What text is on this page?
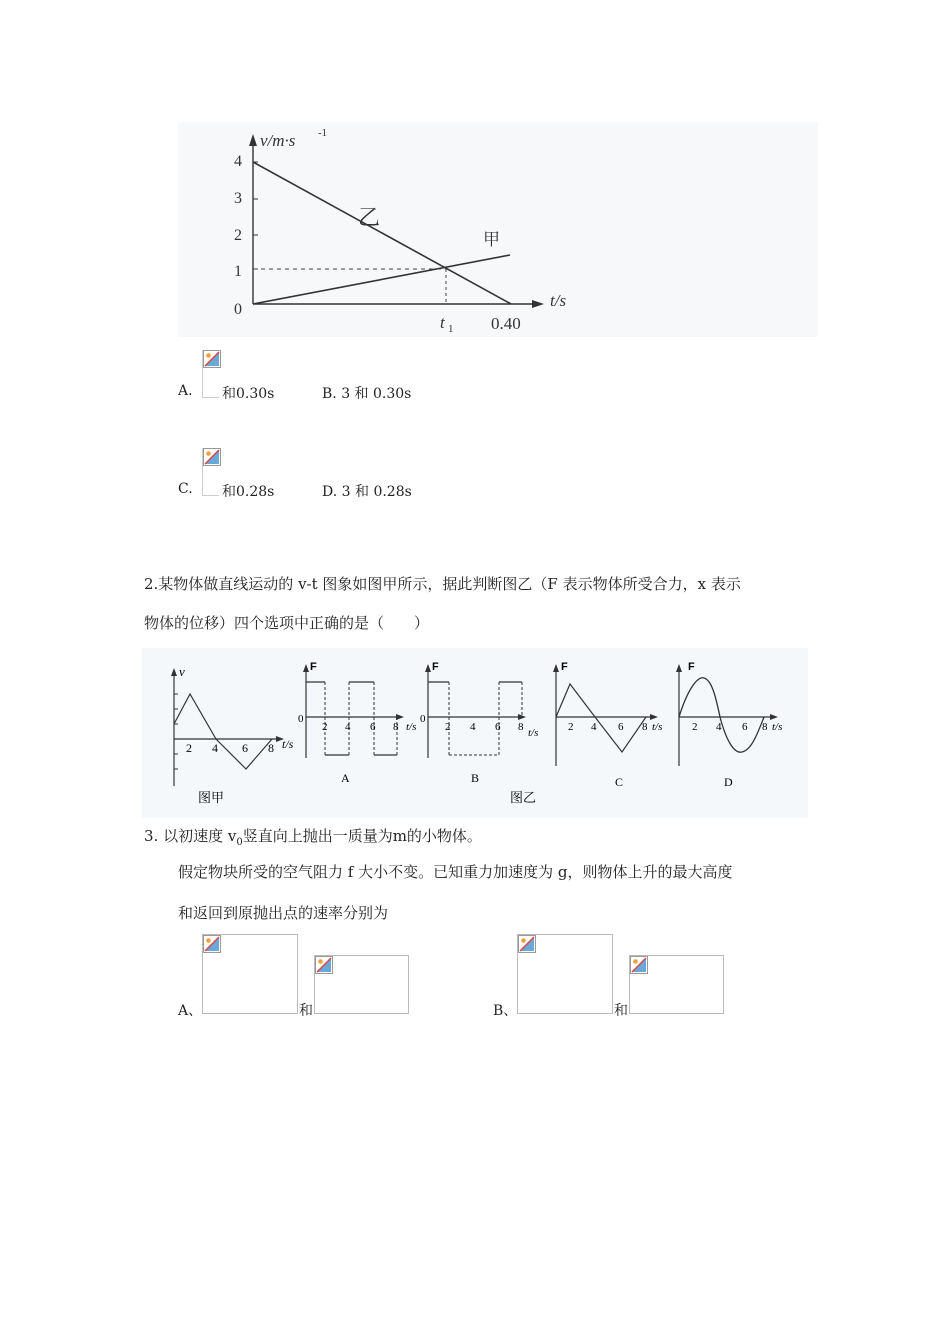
v/m·s -1
4
3
2
1
0
乙
甲
t/s
t 1 0.40
A. 和0.30s	B. 3 和 0.30s
C. 和0.28s	D. 3 和 0.28s
2.某物体做直线运动的 v-t 图象如图甲所示，据此判断图乙（F 表示物体所受合力，x 表示
物体的位移）四个选项中正确的是（　　）
v
2 4 6 8 t/s
图甲
F
0
2 4 6 8 t/s
A
F
0
2 4 6 8 t/s
B
F
2 4 6 8 t/s
C
F
2 4 6 8 t/s
D
图乙
3. 以初速度 $v_0$竖直向上抛出一质量为m的小物体。
假定物块所受的空气阻力 f 大小不变。已知重力加速度为 g，则物体上升的最大高度
和返回到原抛出点的速率分别为
A、	和	B、	和
